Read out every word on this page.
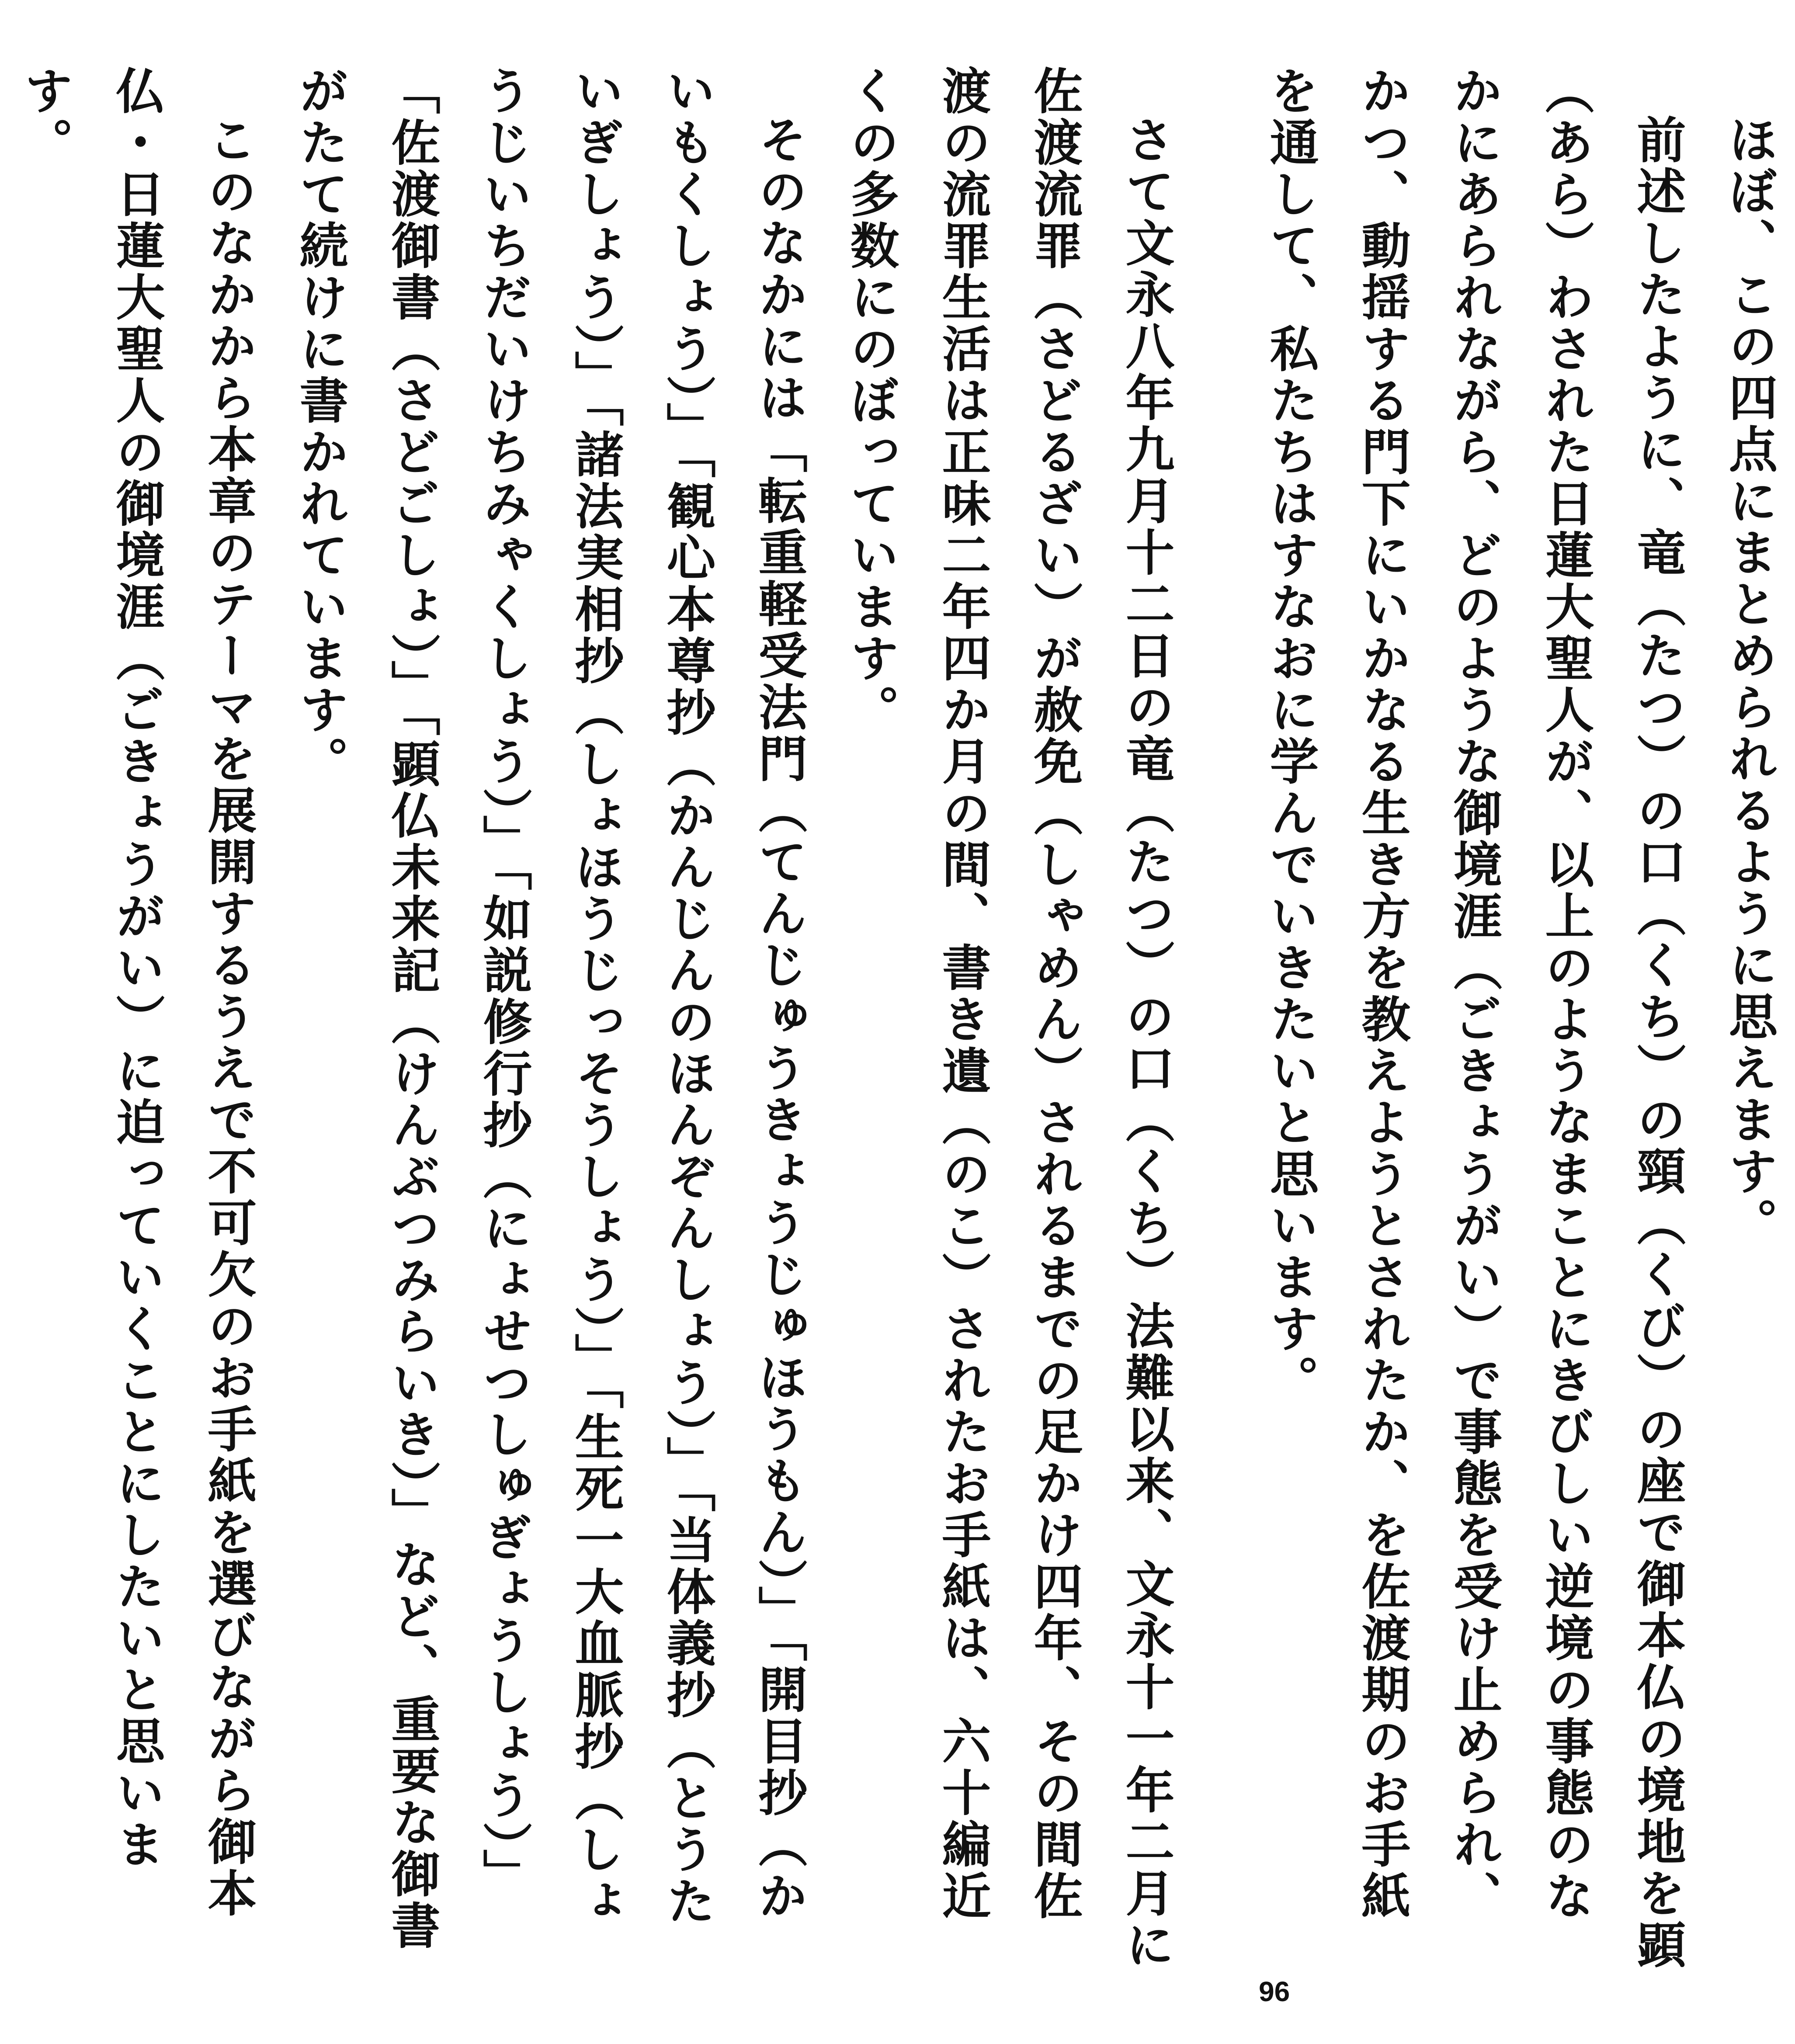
ほぼ、この四点にまとめられるように思えます。

前述したように、竜（たつ）の口（くち）の頸（くび）の座で御本仏の境地を顕（あら）わされた日蓮大聖人が、以上のようなまことにきびしい逆境の事態のなかにあられながら、どのような御境涯（ごきょうがい）で事態を受け止められ、かつ、動揺する門下にいかなる生き方を教えようとされたか、を佐渡期のお手紙を通して、私たちはすなおに学んでいきたいと思います。

さて文永八年九月十二日の竜（たつ）の口（くち）法難以来、文永十一年二月に佐渡流罪（さどるざい）が赦免（しゃめん）されるまでの足かけ四年、その間佐渡の流罪生活は正味二年四か月の間、書き遺（のこ）されたお手紙は、六十編近くの多数にのぼっています。

そのなかには「転重軽受法門（てんじゅうきょうじゅほうもん）」「開目抄（かいもくしょう）」「観心本尊抄（かんじんのほんぞんしょう）」「当体義抄（とうたいぎしょう）」「諸法実相抄（しょほうじっそうしょう）」「生死一大血脈抄（しょうじいちだいけちみゃくしょう）」「如説修行抄（にょせつしゅぎょうしょう）」「佐渡御書（さどごしょ）」「顕仏未来記（けんぶつみらいき）」など、重要な御書がたて続けに書かれています。

このなかから本章のテーマを展開するうえで不可欠のお手紙を選びながら御本仏・日蓮大聖人の御境涯（ごきょうがい）に迫っていくことにしたいと思います。

96
